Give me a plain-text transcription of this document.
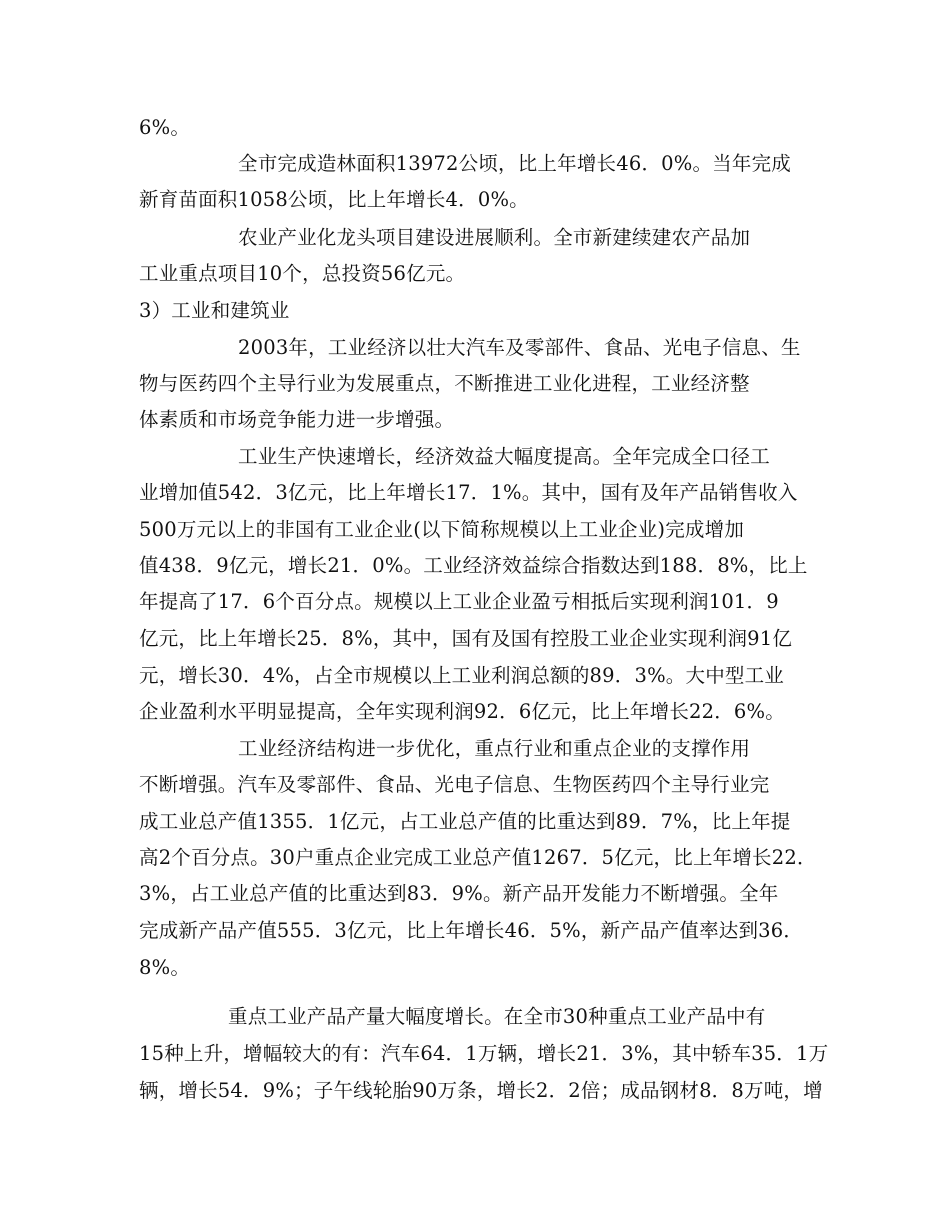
6%。

全市完成造林面积13972公顷，比上年增长46．0%。当年完成

新育苗面积1058公顷，比上年增长4．0%。

农业产业化龙头项目建设进展顺利。全市新建续建农产品加

工业重点项目10个，总投资56亿元。

3）工业和建筑业

2003年，工业经济以壮大汽车及零部件、食品、光电子信息、生

物与医药四个主导行业为发展重点，不断推进工业化进程，工业经济整

体素质和市场竞争能力进一步增强。

工业生产快速增长，经济效益大幅度提高。全年完成全口径工

业增加值542．3亿元，比上年增长17．1%。其中，国有及年产品销售收入

500万元以上的非国有工业企业(以下简称规模以上工业企业)完成增加

值438．9亿元，增长21．0%。工业经济效益综合指数达到188．8%，比上

年提高了17．6个百分点。规模以上工业企业盈亏相抵后实现利润101．9

亿元，比上年增长25．8%，其中，国有及国有控股工业企业实现利润91亿

元，增长30．4%，占全市规模以上工业利润总额的89．3%。大中型工业

企业盈利水平明显提高，全年实现利润92．6亿元，比上年增长22．6%。

工业经济结构进一步优化，重点行业和重点企业的支撑作用

不断增强。汽车及零部件、食品、光电子信息、生物医药四个主导行业完

成工业总产值1355．1亿元，占工业总产值的比重达到89．7%，比上年提

高2个百分点。30户重点企业完成工业总产值1267．5亿元，比上年增长22．

3%，占工业总产值的比重达到83．9%。新产品开发能力不断增强。全年

完成新产品产值555．3亿元，比上年增长46．5%，新产品产值率达到36．

8%。

重点工业产品产量大幅度增长。在全市30种重点工业产品中有

15种上升，增幅较大的有：汽车64．1万辆，增长21．3%，其中轿车35．1万

辆，增长54．9%；子午线轮胎90万条，增长2．2倍；成品钢材8．8万吨，增
